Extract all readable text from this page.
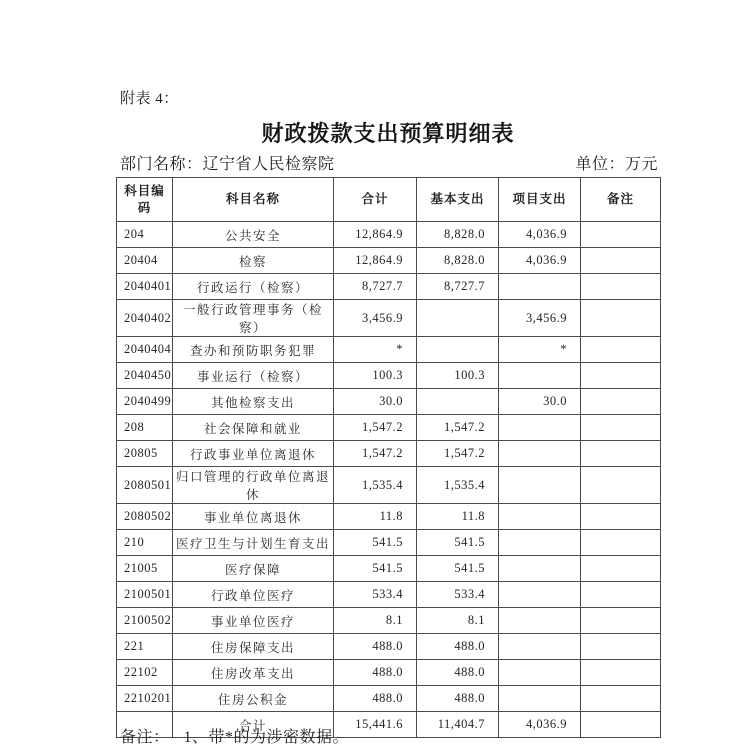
附表 4：
财政拨款支出预算明细表
部门名称：辽宁省人民检察院	单位：万元
科目编码	科目名称	合计	基本支出	项目支出	备注
204	公共安全	12,864.9	8,828.0	4,036.9	
20404	检察	12,864.9	8,828.0	4,036.9	
2040401	行政运行（检察）	8,727.7	8,727.7		
2040402	一般行政管理事务（检察）	3,456.9		3,456.9	
2040404	查办和预防职务犯罪	*		*	
2040450	事业运行（检察）	100.3	100.3		
2040499	其他检察支出	30.0		30.0	
208	社会保障和就业	1,547.2	1,547.2		
20805	行政事业单位离退休	1,547.2	1,547.2		
2080501	归口管理的行政单位离退休	1,535.4	1,535.4		
2080502	事业单位离退休	11.8	11.8		
210	医疗卫生与计划生育支出	541.5	541.5		
21005	医疗保障	541.5	541.5		
2100501	行政单位医疗	533.4	533.4		
2100502	事业单位医疗	8.1	8.1		
221	住房保障支出	488.0	488.0		
22102	住房改革支出	488.0	488.0		
2210201	住房公积金	488.0	488.0		
	合计	15,441.6	11,404.7	4,036.9	
备注： 1、带*的为涉密数据。
